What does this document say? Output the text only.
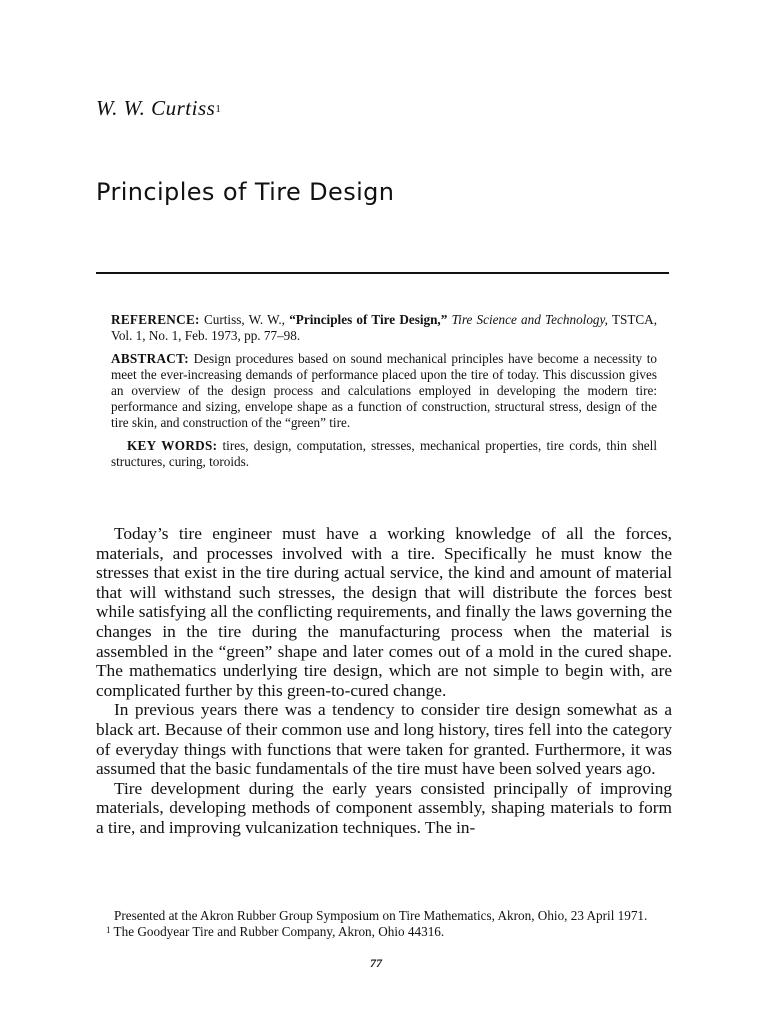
W. W. Curtiss$^1$
Principles of Tire Design

REFERENCE: Curtiss, W. W., “Principles of Tire Design,” Tire Science and Technology, TSTCA, Vol. 1, No. 1, Feb. 1973, pp. 77–98.

ABSTRACT: Design procedures based on sound mechanical principles have become a necessity to meet the ever-increasing demands of performance placed upon the tire of today. This discussion gives an overview of the design process and calculations employed in developing the modern tire: performance and sizing, envelope shape as a function of construction, structural stress, design of the tire skin, and construction of the “green” tire.

KEY WORDS: tires, design, computation, stresses, mechanical properties, tire cords, thin shell structures, curing, toroids.

Today’s tire engineer must have a working knowledge of all the forces, materials, and processes involved with a tire. Specifically he must know the stresses that exist in the tire during actual service, the kind and amount of material that will withstand such stresses, the design that will distribute the forces best while satisfying all the conflicting requirements, and finally the laws governing the changes in the tire during the manufacturing process when the material is assembled in the “green” shape and later comes out of a mold in the cured shape. The mathematics underlying tire design, which are not simple to begin with, are complicated further by this green-to-cured change.

In previous years there was a tendency to consider tire design somewhat as a black art. Because of their common use and long history, tires fell into the category of everyday things with functions that were taken for granted. Furthermore, it was assumed that the basic fundamentals of the tire must have been solved years ago.

Tire development during the early years consisted principally of improving materials, developing methods of component assembly, shaping materials to form a tire, and improving vulcanization techniques. The in-

Presented at the Akron Rubber Group Symposium on Tire Mathematics, Akron, Ohio, 23 April 1971.

$^1$ The Goodyear Tire and Rubber Company, Akron, Ohio 44316.

77
